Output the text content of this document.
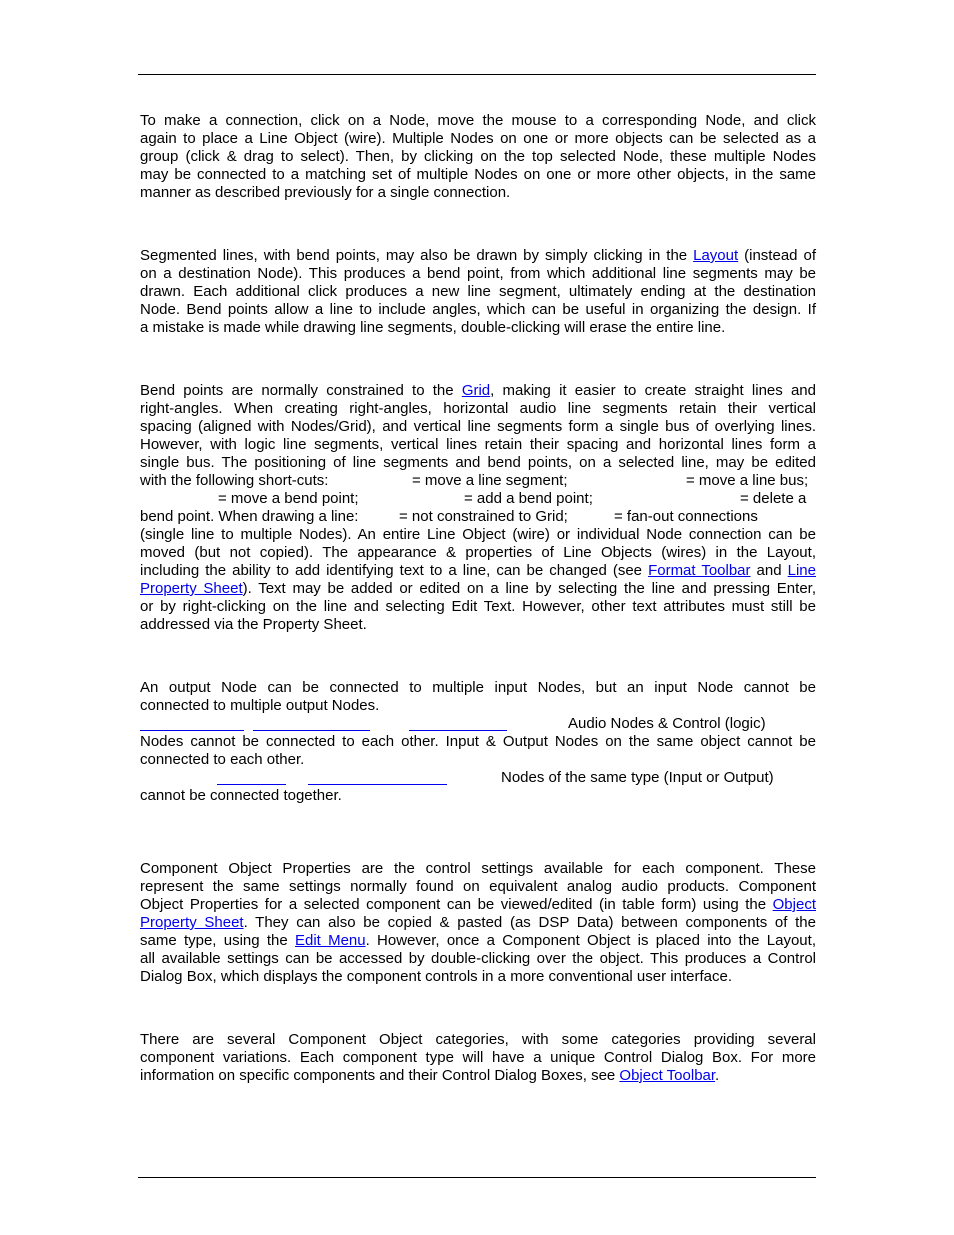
To make a connection, click on a Node, move the mouse to a corresponding Node, and click
again to place a Line Object (wire). Multiple Nodes on one or more objects can be selected as a
group (click & drag to select). Then, by clicking on the top selected Node, these multiple Nodes
may be connected to a matching set of multiple Nodes on one or more other objects, in the same
manner as described previously for a single connection.
Segmented lines, with bend points, may also be drawn by simply clicking in the Layout (instead of
on a destination Node). This produces a bend point, from which additional line segments may be
drawn. Each additional click produces a new line segment, ultimately ending at the destination
Node. Bend points allow a line to include angles, which can be useful in organizing the design. If
a mistake is made while drawing line segments, double-clicking will erase the entire line.
Bend points are normally constrained to the Grid, making it easier to create straight lines and
right-angles. When creating right-angles, horizontal audio line segments retain their vertical
spacing (aligned with Nodes/Grid), and vertical line segments form a single bus of overlying lines.
However, with logic line segments, vertical lines retain their spacing and horizontal lines form a
single bus. The positioning of line segments and bend points, on a selected line, may be edited
with the following short-cuts:	= move a line segment;	= move a line bus;
= move a bend point;	= add a bend point;	= delete a
bend point. When drawing a line:	= not constrained to Grid;	= fan-out connections
(single line to multiple Nodes). An entire Line Object (wire) or individual Node connection can be
moved (but not copied). The appearance & properties of Line Objects (wires) in the Layout,
including the ability to add identifying text to a line, can be changed (see Format Toolbar and Line
Property Sheet). Text may be added or edited on a line by selecting the line and pressing Enter,
or by right-clicking on the line and selecting Edit Text. However, other text attributes must still be
addressed via the Property Sheet.
An output Node can be connected to multiple input Nodes, but an input Node cannot be
connected to multiple output Nodes.
Audio Nodes & Control (logic)
Nodes cannot be connected to each other. Input & Output Nodes on the same object cannot be
connected to each other.
Nodes of the same type (Input or Output)
cannot be connected together.
Component Object Properties are the control settings available for each component. These
represent the same settings normally found on equivalent analog audio products. Component
Object Properties for a selected component can be viewed/edited (in table form) using the Object
Property Sheet. They can also be copied & pasted (as DSP Data) between components of the
same type, using the Edit Menu. However, once a Component Object is placed into the Layout,
all available settings can be accessed by double-clicking over the object. This produces a Control
Dialog Box, which displays the component controls in a more conventional user interface.
There are several Component Object categories, with some categories providing several
component variations. Each component type will have a unique Control Dialog Box. For more
information on specific components and their Control Dialog Boxes, see Object Toolbar.
